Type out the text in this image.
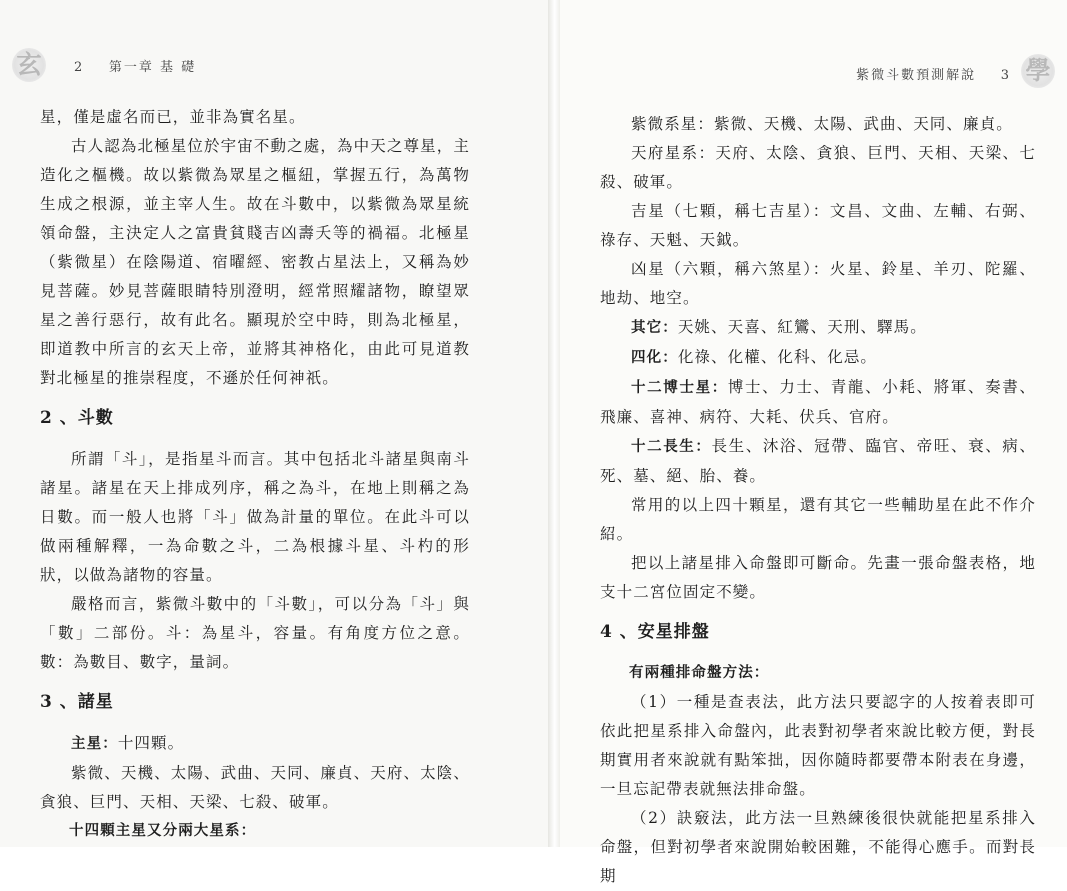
玄	2 第一章 基 礎

星，僅是虛名而已，並非為實名星。

古人認為北極星位於宇宙不動之處，為中天之尊星，主造化之樞機。故以紫微為眾星之樞紐，掌握五行，為萬物生成之根源，並主宰人生。故在斗數中，以紫微為眾星統領命盤，主決定人之富貴貧賤吉凶壽夭等的禍福。北極星（紫微星）在陰陽道、宿曜經、密教占星法上，又稱為妙見菩薩。妙見菩薩眼睛特別澄明，經常照耀諸物，瞭望眾星之善行惡行，故有此名。顯現於空中時，則為北極星，即道教中所言的玄天上帝，並將其神格化，由此可見道教對北極星的推崇程度，不遜於任何神祇。

2 、斗數

所謂「斗」，是指星斗而言。其中包括北斗諸星與南斗諸星。諸星在天上排成列序，稱之為斗，在地上則稱之為日數。而一般人也將「斗」做為計量的單位。在此斗可以做兩種解釋，一為命數之斗，二為根據斗星、斗杓的形狀，以做為諸物的容量。

嚴格而言，紫微斗數中的「斗數」，可以分為「斗」與「數」二部份。斗：為星斗，容量。有角度方位之意。數：為數目、數字，量詞。

3 、諸星

主星：十四顆。

紫微、天機、太陽、武曲、天同、廉貞、天府、太陰、貪狼、巨門、天相、天梁、七殺、破軍。

十四顆主星又分兩大星系：

紫微斗數預測解說 3 學

紫微系星：紫微、天機、太陽、武曲、天同、廉貞。

天府星系：天府、太陰、貪狼、巨門、天相、天梁、七殺、破軍。

吉星（七顆，稱七吉星）：文昌、文曲、左輔、右弼、祿存、天魁、天鉞。

凶星（六顆，稱六煞星）：火星、鈴星、羊刃、陀羅、地劫、地空。

其它：天姚、天喜、紅鸞、天刑、驛馬。

四化：化祿、化權、化科、化忌。

十二博士星：博士、力士、青龍、小耗、將軍、奏書、飛廉、喜神、病符、大耗、伏兵、官府。

十二長生：長生、沐浴、冠帶、臨官、帝旺、衰、病、死、墓、絕、胎、養。

常用的以上四十顆星，還有其它一些輔助星在此不作介紹。

把以上諸星排入命盤即可斷命。先畫一張命盤表格，地支十二宮位固定不變。

4 、安星排盤

有兩種排命盤方法：

（1）一種是查表法，此方法只要認字的人按着表即可依此把星系排入命盤內，此表對初學者來說比較方便，對長期實用者來說就有點笨拙，因你隨時都要帶本附表在身邊，一旦忘記帶表就無法排命盤。

（2）訣竅法，此方法一旦熟練後很快就能把星系排入命盤，但對初學者來說開始較困難，不能得心應手。而對長期
